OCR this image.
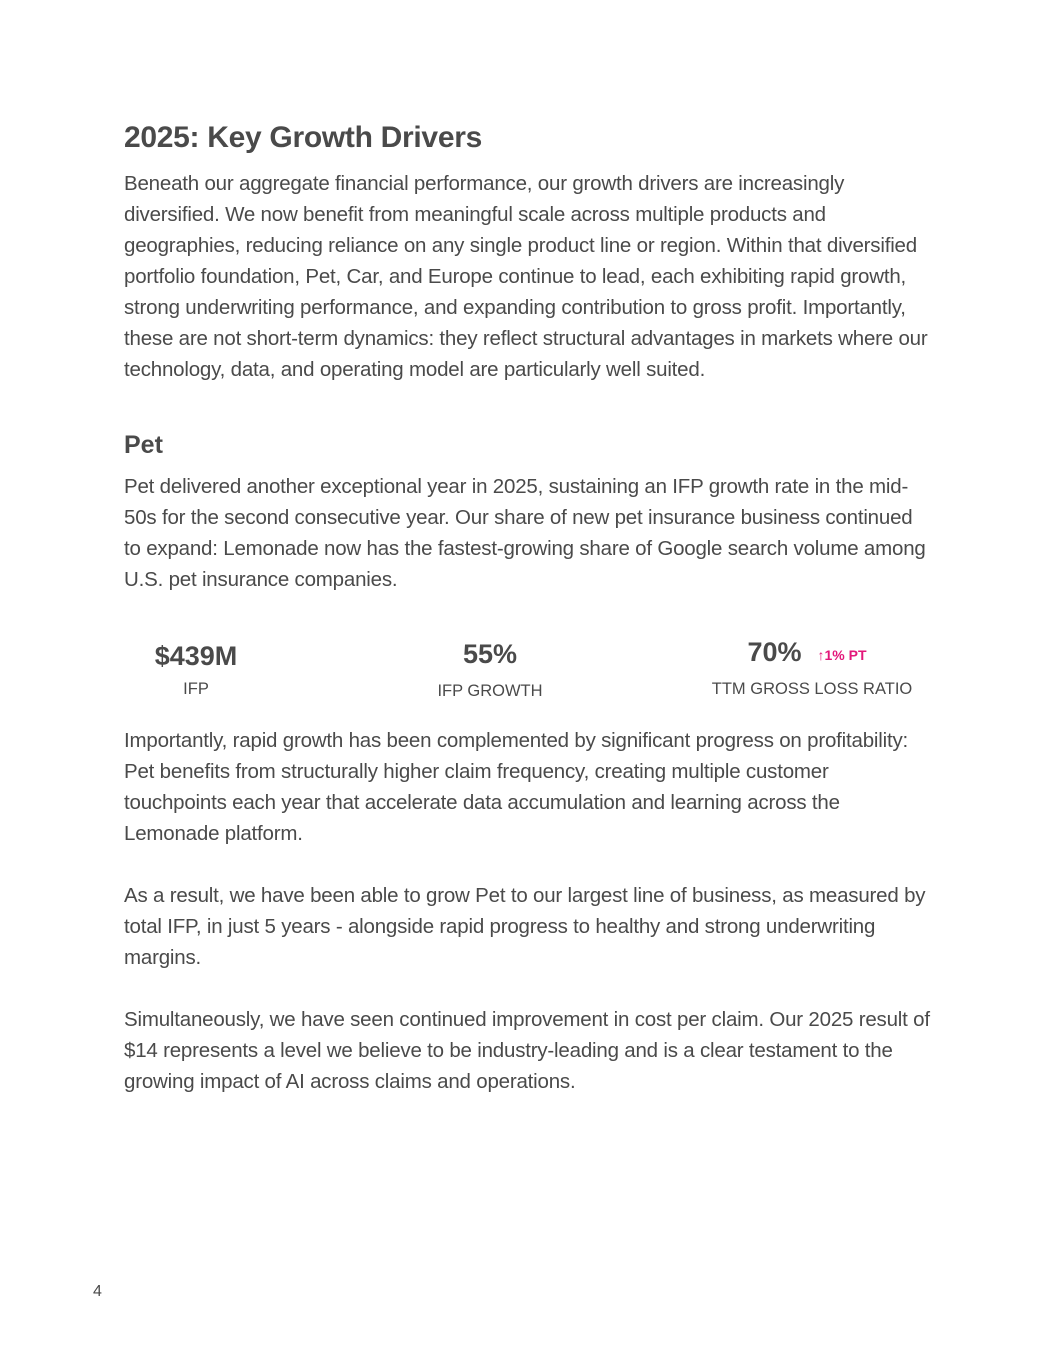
2025: Key Growth Drivers

Beneath our aggregate financial performance, our growth drivers are increasingly diversified. We now benefit from meaningful scale across multiple products and geographies, reducing reliance on any single product line or region. Within that diversified portfolio foundation, Pet, Car, and Europe continue to lead, each exhibiting rapid growth, strong underwriting performance, and expanding contribution to gross profit. Importantly, these are not short-term dynamics: they reflect structural advantages in markets where our technology, data, and operating model are particularly well suited.

Pet

Pet delivered another exceptional year in 2025, sustaining an IFP growth rate in the mid-50s for the second consecutive year. Our share of new pet insurance business continued to expand: Lemonade now has the fastest-growing share of Google search volume among U.S. pet insurance companies.

$439M
IFP
55%
IFP GROWTH
70% ↑1% PT
TTM GROSS LOSS RATIO

Importantly, rapid growth has been complemented by significant progress on profitability: Pet benefits from structurally higher claim frequency, creating multiple customer touchpoints each year that accelerate data accumulation and learning across the Lemonade platform.

As a result, we have been able to grow Pet to our largest line of business, as measured by total IFP, in just 5 years - alongside rapid progress to healthy and strong underwriting margins.

Simultaneously, we have seen continued improvement in cost per claim. Our 2025 result of $14 represents a level we believe to be industry-leading and is a clear testament to the growing impact of AI across claims and operations.

4
